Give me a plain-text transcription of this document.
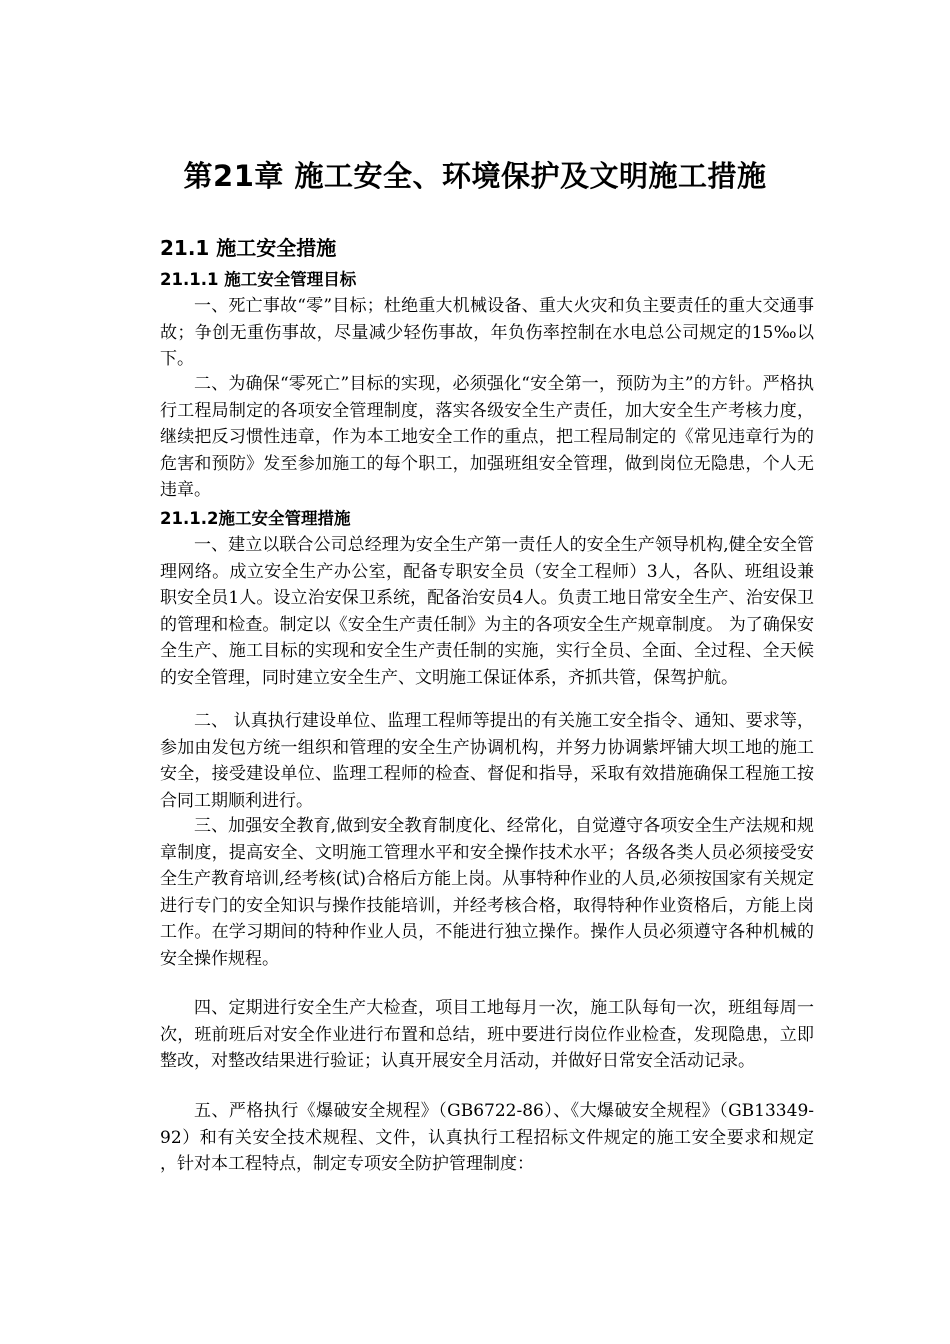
第21章 施工安全、环境保护及文明施工措施
21.1 施工安全措施
21.1.1 施工安全管理目标

一、死亡事故“零”目标；杜绝重大机械设备、重大火灾和负主要责任的重大交通事故；争创无重伤事故，尽量减少轻伤事故，年负伤率控制在水电总公司规定的15‰以下。

二、为确保“零死亡”目标的实现，必须强化“安全第一，预防为主”的方针。严格执行工程局制定的各项安全管理制度，落实各级安全生产责任，加大安全生产考核力度，继续把反习惯性违章，作为本工地安全工作的重点，把工程局制定的《常见违章行为的危害和预防》发至参加施工的每个职工，加强班组安全管理，做到岗位无隐患，个人无违章。

21.1.2施工安全管理措施

一、建立以联合公司总经理为安全生产第一责任人的安全生产领导机构,健全安全管理网络。成立安全生产办公室，配备专职安全员（安全工程师）3人，各队、班组设兼职安全员1人。设立治安保卫系统，配备治安员4人。负责工地日常安全生产、治安保卫的管理和检查。制定以《安全生产责任制》为主的各项安全生产规章制度。 为了确保安全生产、施工目标的实现和安全生产责任制的实施，实行全员、全面、全过程、全天候的安全管理，同时建立安全生产、文明施工保证体系，齐抓共管，保驾护航。

二、 认真执行建设单位、监理工程师等提出的有关施工安全指令、通知、要求等，参加由发包方统一组织和管理的安全生产协调机构，并努力协调紫坪铺大坝工地的施工安全，接受建设单位、监理工程师的检查、督促和指导，采取有效措施确保工程施工按合同工期顺利进行。

三、加强安全教育,做到安全教育制度化、经常化，自觉遵守各项安全生产法规和规章制度，提高安全、文明施工管理水平和安全操作技术水平；各级各类人员必须接受安全生产教育培训,经考核(试)合格后方能上岗。从事特种作业的人员,必须按国家有关规定进行专门的安全知识与操作技能培训，并经考核合格，取得特种作业资格后，方能上岗工作。在学习期间的特种作业人员，不能进行独立操作。操作人员必须遵守各种机械的安全操作规程。

四、定期进行安全生产大检查，项目工地每月一次，施工队每旬一次，班组每周一次，班前班后对安全作业进行布置和总结，班中要进行岗位作业检查，发现隐患，立即整改，对整改结果进行验证；认真开展安全月活动，并做好日常安全活动记录。

五、严格执行《爆破安全规程》（GB6722-86）、《大爆破安全规程》（GB13349-92）和有关安全技术规程、文件，认真执行工程招标文件规定的施工安全要求和规定 ，针对本工程特点，制定专项安全防护管理制度：
